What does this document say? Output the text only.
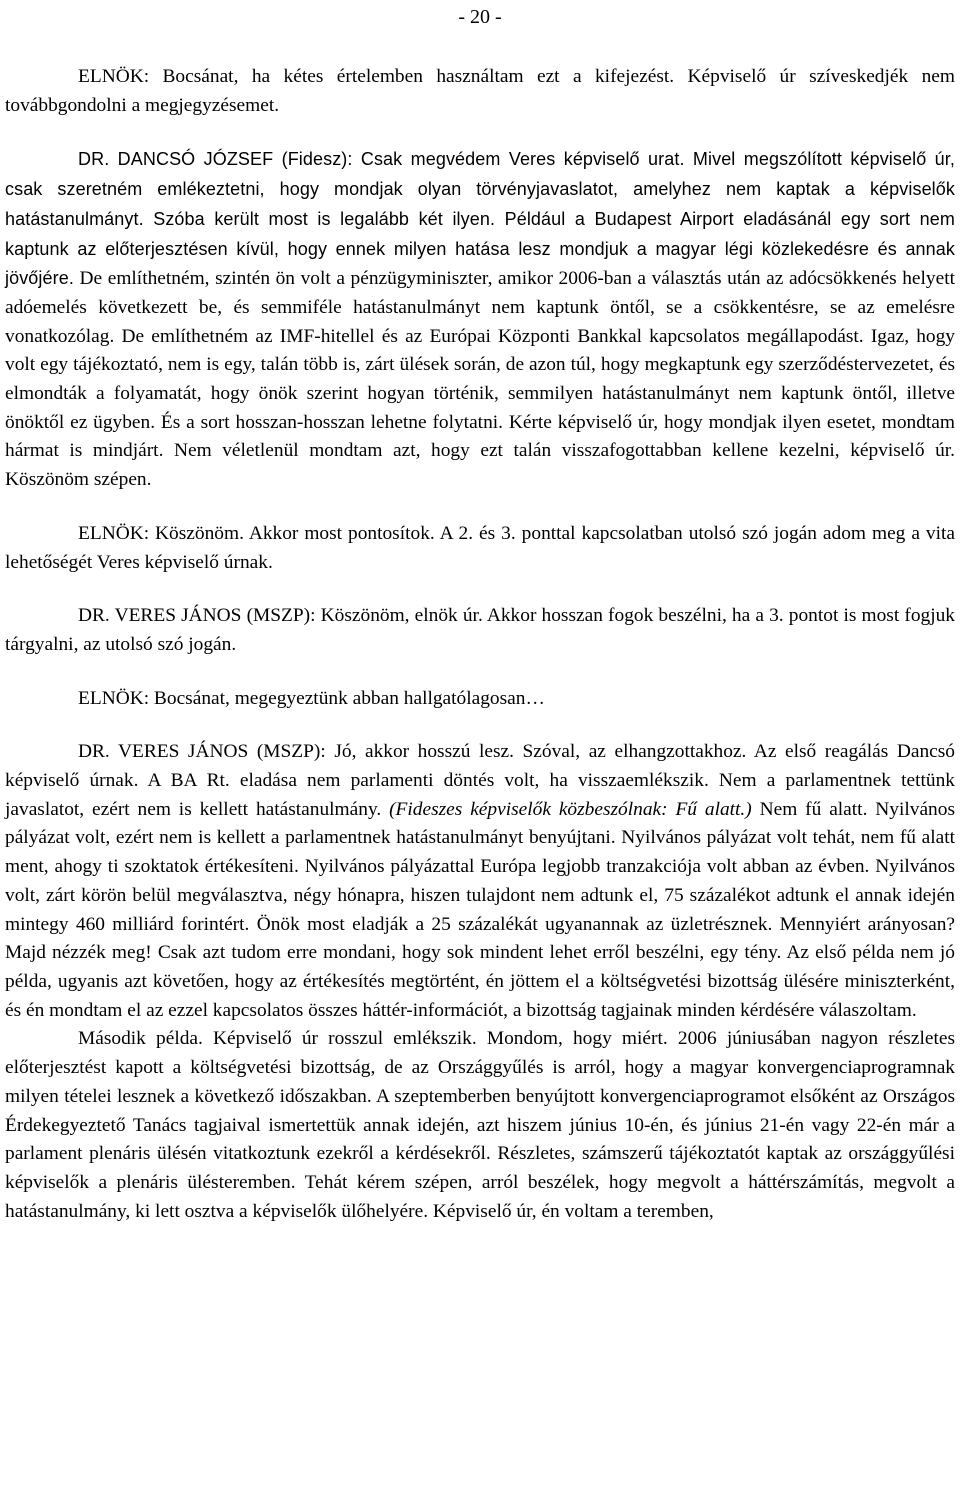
- 20 -

ELNÖK: Bocsánat, ha kétes értelemben használtam ezt a kifejezést. Képviselő úr szíveskedjék nem továbbgondolni a megjegyzésemet.

DR. DANCSÓ JÓZSEF (Fidesz): Csak megvédem Veres képviselő urat. Mivel megszólított képviselő úr, csak szeretném emlékeztetni, hogy mondjak olyan törvényjavaslatot, amelyhez nem kaptak a képviselők hatástanulmányt. Szóba került most is legalább két ilyen. Például a Budapest Airport eladásánál egy sort nem kaptunk az előterjesztésen kívül, hogy ennek milyen hatása lesz mondjuk a magyar légi közlekedésre és annak jövőjére. De említhetném, szintén ön volt a pénzügyminiszter, amikor 2006-ban a választás után az adócsökkenés helyett adóemelés következett be, és semmiféle hatástanulmányt nem kaptunk öntől, se a csökkentésre, se az emelésre vonatkozólag. De említhetném az IMF-hitellel és az Európai Központi Bankkal kapcsolatos megállapodást. Igaz, hogy volt egy tájékoztató, nem is egy, talán több is, zárt ülések során, de azon túl, hogy megkaptunk egy szerződéstervezetet, és elmondták a folyamatát, hogy önök szerint hogyan történik, semmilyen hatástanulmányt nem kaptunk öntől, illetve önöktől ez ügyben. És a sort hosszan-hosszan lehetne folytatni. Kérte képviselő úr, hogy mondjak ilyen esetet, mondtam hármat is mindjárt. Nem véletlenül mondtam azt, hogy ezt talán visszafogottabban kellene kezelni, képviselő úr. Köszönöm szépen.

ELNÖK: Köszönöm. Akkor most pontosítok. A 2. és 3. ponttal kapcsolatban utolsó szó jogán adom meg a vita lehetőségét Veres képviselő úrnak.

DR. VERES JÁNOS (MSZP): Köszönöm, elnök úr. Akkor hosszan fogok beszélni, ha a 3. pontot is most fogjuk tárgyalni, az utolsó szó jogán.

ELNÖK: Bocsánat, megegyeztünk abban hallgatólagosan…

DR. VERES JÁNOS (MSZP): Jó, akkor hosszú lesz. Szóval, az elhangzottakhoz. Az első reagálás Dancsó képviselő úrnak. A BA Rt. eladása nem parlamenti döntés volt, ha visszaemlékszik. Nem a parlamentnek tettünk javaslatot, ezért nem is kellett hatástanulmány. (Fideszes képviselők közbeszólnak: Fű alatt.) Nem fű alatt. Nyilvános pályázat volt, ezért nem is kellett a parlamentnek hatástanulmányt benyújtani. Nyilvános pályázat volt tehát, nem fű alatt ment, ahogy ti szoktatok értékesíteni. Nyilvános pályázattal Európa legjobb tranzakciója volt abban az évben. Nyilvános volt, zárt körön belül megválasztva, négy hónapra, hiszen tulajdont nem adtunk el, 75 százalékot adtunk el annak idején mintegy 460 milliárd forintért. Önök most eladják a 25 százalékát ugyanannak az üzletrésznek. Mennyiért arányosan? Majd nézzék meg! Csak azt tudom erre mondani, hogy sok mindent lehet erről beszélni, egy tény. Az első példa nem jó példa, ugyanis azt követően, hogy az értékesítés megtörtént, én jöttem el a költségvetési bizottság ülésére miniszterként, és én mondtam el az ezzel kapcsolatos összes háttér-információt, a bizottság tagjainak minden kérdésére válaszoltam.

Második példa. Képviselő úr rosszul emlékszik. Mondom, hogy miért. 2006 júniusában nagyon részletes előterjesztést kapott a költségvetési bizottság, de az Országgyűlés is arról, hogy a magyar konvergenciaprogramnak milyen tételei lesznek a következő időszakban. A szeptemberben benyújtott konvergenciaprogramot elsőként az Országos Érdekegyeztető Tanács tagjaival ismertettük annak idején, azt hiszem június 10-én, és június 21-én vagy 22-én már a parlament plenáris ülésén vitatkoztunk ezekről a kérdésekről. Részletes, számszerű tájékoztatót kaptak az országgyűlési képviselők a plenáris ülésteremben. Tehát kérem szépen, arról beszélek, hogy megvolt a háttérszámítás, megvolt a hatástanulmány, ki lett osztva a képviselők ülőhelyére. Képviselő úr, én voltam a teremben,
